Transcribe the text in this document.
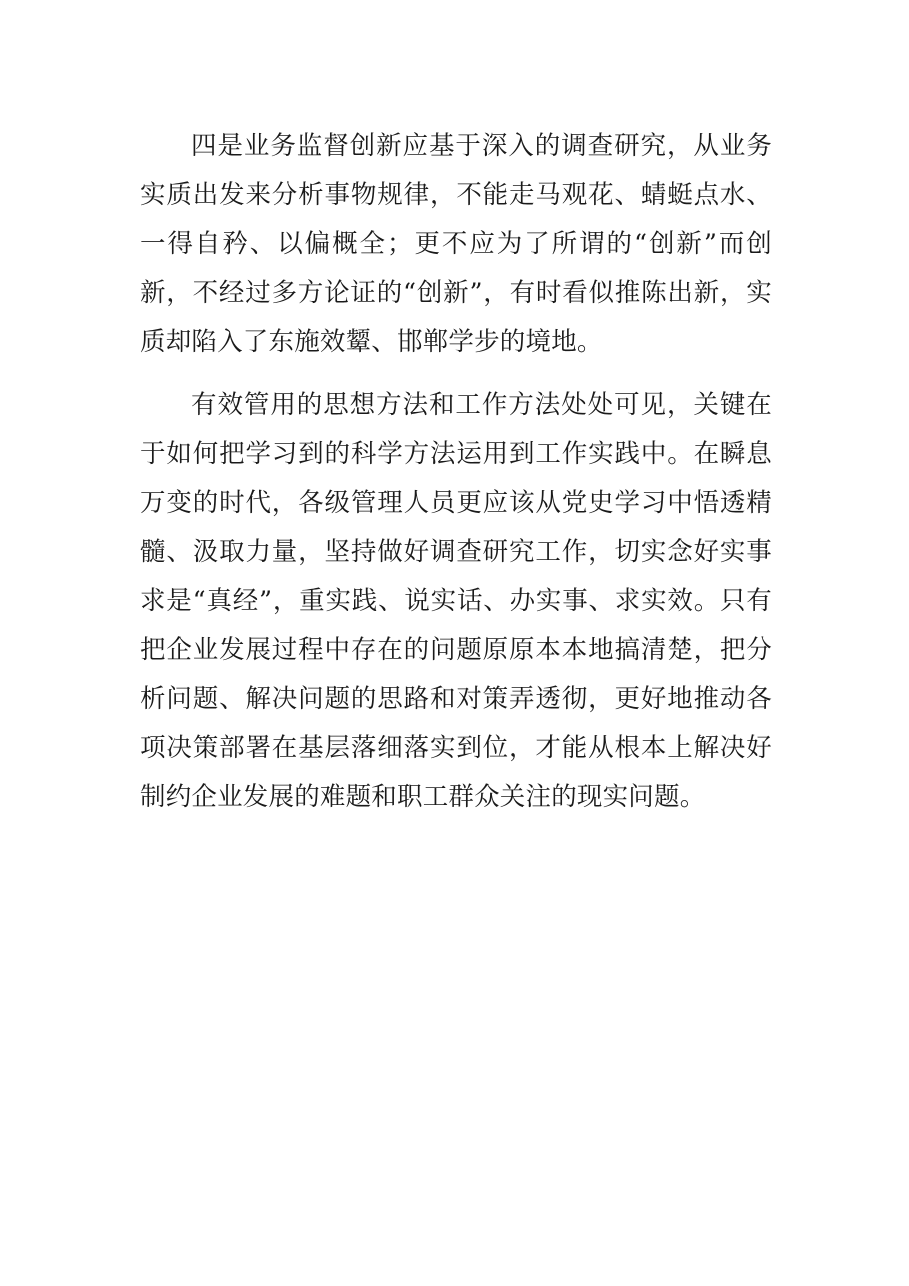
四是业务监督创新应基于深入的调查研究，从业务实质出发来分析事物规律，不能走马观花、蜻蜓点水、一得自矜、以偏概全；更不应为了所谓的“创新”而创新，不经过多方论证的“创新”，有时看似推陈出新，实质却陷入了东施效颦、邯郸学步的境地。

有效管用的思想方法和工作方法处处可见，关键在于如何把学习到的科学方法运用到工作实践中。在瞬息万变的时代，各级管理人员更应该从党史学习中悟透精髓、汲取力量，坚持做好调查研究工作，切实念好实事求是“真经”，重实践、说实话、办实事、求实效。只有把企业发展过程中存在的问题原原本本地搞清楚，把分析问题、解决问题的思路和对策弄透彻，更好地推动各项决策部署在基层落细落实到位，才能从根本上解决好制约企业发展的难题和职工群众关注的现实问题。
